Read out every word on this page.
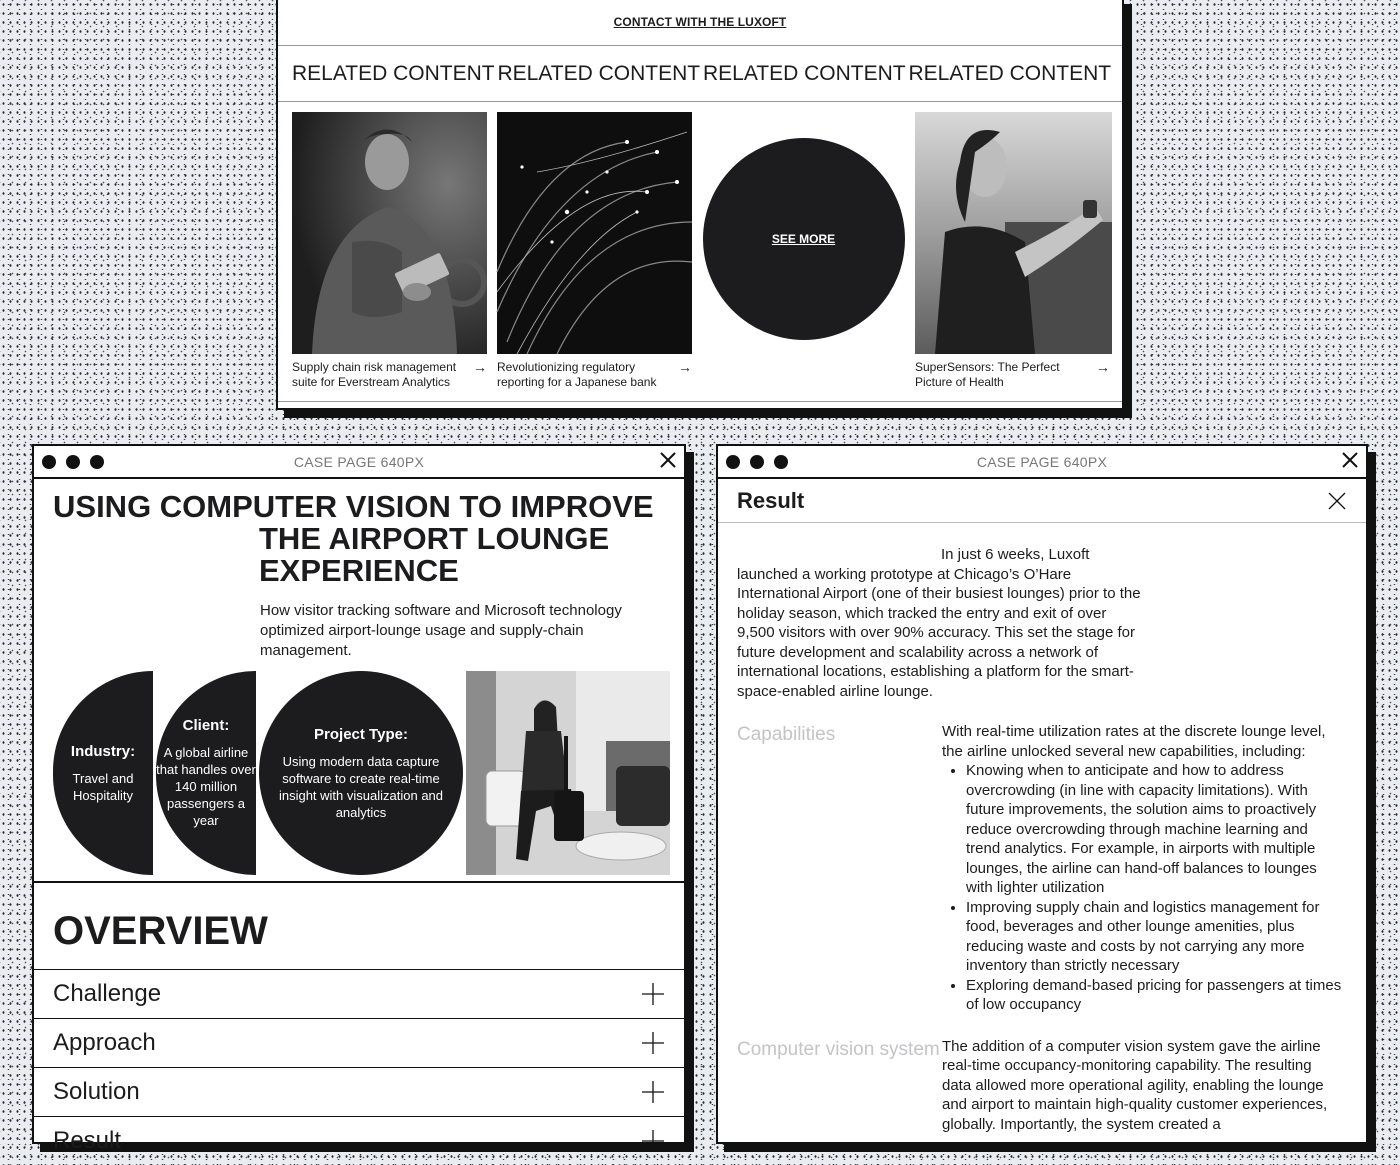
CONTACT WITH THE LUXOFT
RELATED CONTENT RELATED CONTENT RELATED CONTENT RELATED CONTENT
Supply chain risk management suite for Everstream Analytics
→ Revolutionizing regulatory reporting for a Japanese bank
→
SEE MORE
SuperSensors: The Perfect Picture of Health
→
CASE PAGE 640PX
USING COMPUTER VISION TO IMPROVE
THE AIRPORT LOUNGE
EXPERIENCE

How visitor tracking software and Microsoft technology optimized airport-lounge usage and supply-chain management.

Industry:
Travel and Hospitality
Client:
A global airline that handles over 140 million passengers a year
Project Type:
Using modern data capture software to create real-time insight with visualization and analytics
OVERVIEW
Challenge
Approach
Solution
Result
CASE PAGE 640PX
Result

In just 6 weeks, Luxoft launched a working prototype at Chicago’s O’Hare International Airport (one of their busiest lounges) prior to the holiday season, which tracked the entry and exit of over 9,500 visitors with over 90% accuracy. This set the stage for future development and scalability across a network of international locations, establishing a platform for the smart-space-enabled airline lounge.

Capabilities	With real-time utilization rates at the discrete lounge level, the airline unlocked several new capabilities, including:

• Knowing when to anticipate and how to address overcrowding (in line with capacity limitations). With future improvements, the solution aims to proactively reduce overcrowding through machine learning and trend analytics. For example, in airports with multiple lounges, the airline can hand-off balances to lounges with lighter utilization
• Improving supply chain and logistics management for food, beverages and other lounge amenities, plus reducing waste and costs by not carrying any more inventory than strictly necessary
• Exploring demand-based pricing for passengers at times of low occupancy
Computer vision system The addition of a computer vision system gave the airline real-time occupancy-monitoring capability. The resulting data allowed more operational agility, enabling the lounge and airport to maintain high-quality customer experiences, globally. Importantly, the system created a
